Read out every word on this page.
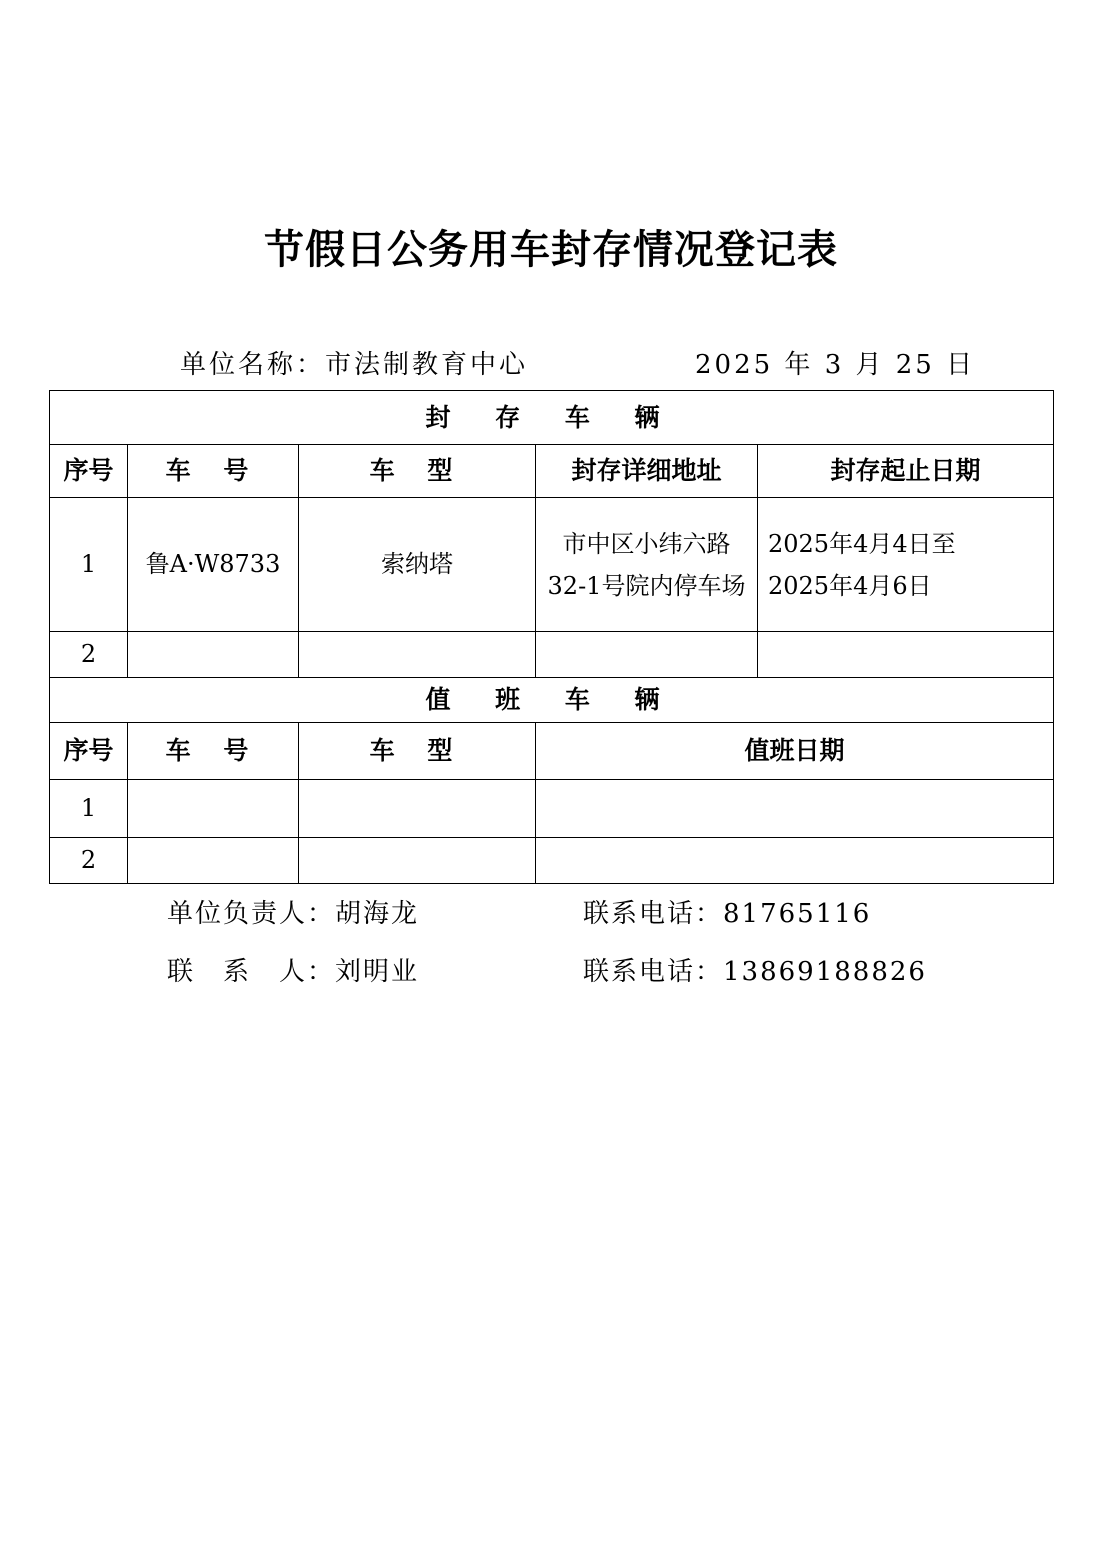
节假日公务用车封存情况登记表
单位名称：市法制教育中心	2025 年 3 月 25 日
封 存 车 辆				
序号	车 号	车 型	封存详细地址	封存起止日期
1	鲁A·W8733	索纳塔	市中区小纬六路32-1号院内停车场	2025年4月4日至
2025年4月6日

2				
值 班 车 辆				
序号	车 号	车 型	值班日期	
1				
2				
单位负责人：胡海龙	联系电话：81765116
联　系　人：刘明业	联系电话：13869188826
